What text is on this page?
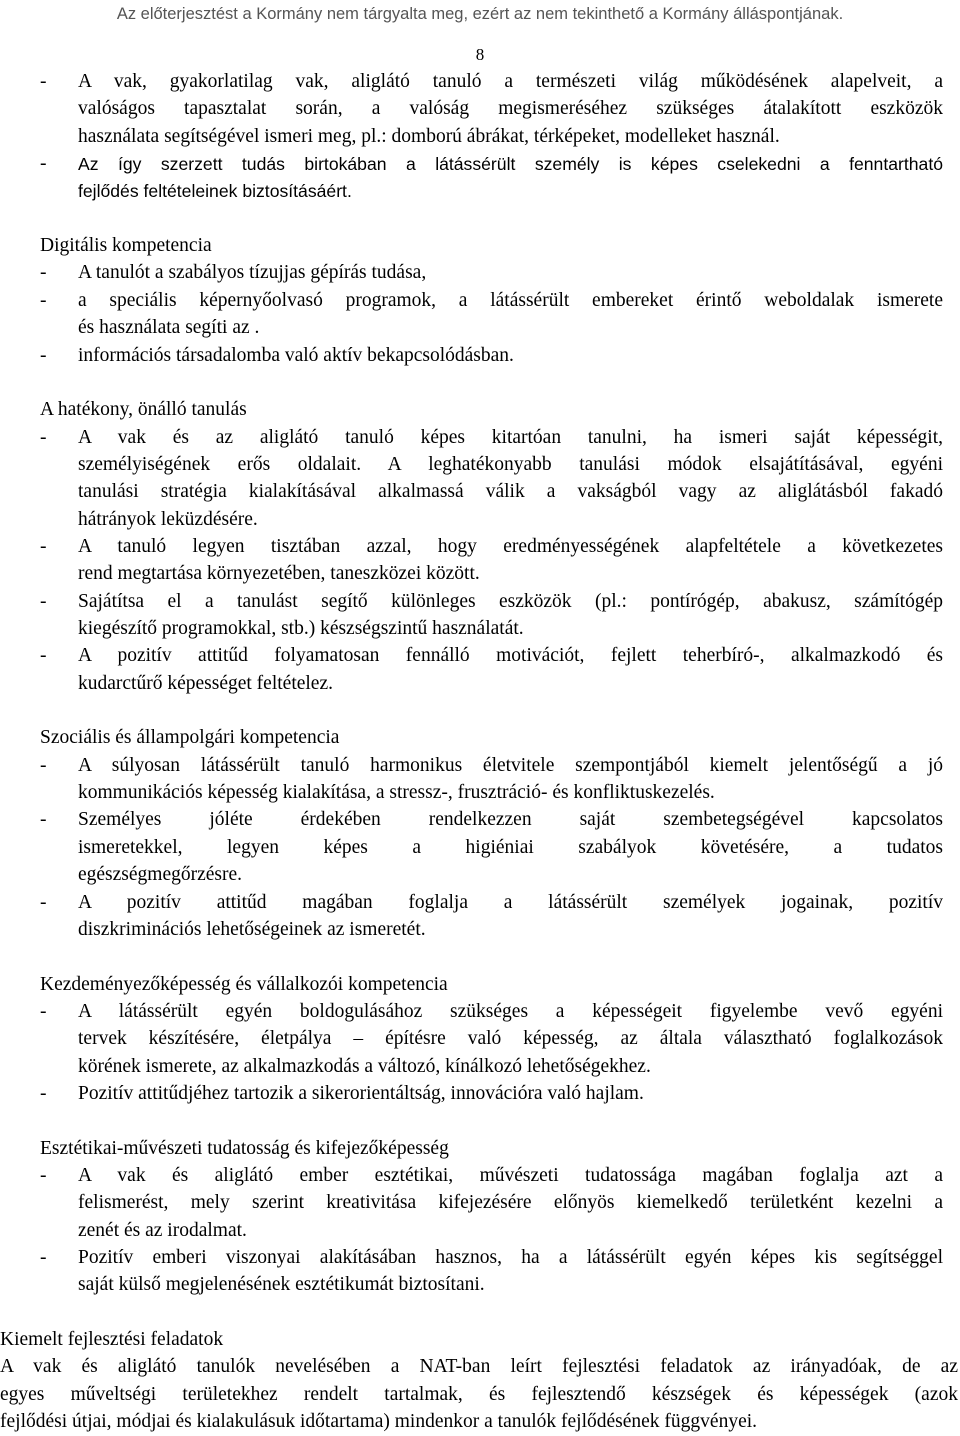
Az előterjesztést a Kormány nem tárgyalta meg, ezért az nem tekinthető a Kormány álláspontjának.
8
- A vak, gyakorlatilag vak, aliglátó tanuló a természeti világ működésének alapelveit, a
valóságos tapasztalat során, a valóság megismeréséhez szükséges átalakított eszközök
használata segítségével ismeri meg, pl.: domború ábrákat, térképeket, modelleket használ.
- Az így szerzett tudás birtokában a látássérült személy is képes cselekedni a fenntartható
fejlődés feltételeinek biztosításáért.
Digitális kompetencia
- A tanulót a szabályos tízujjas gépírás tudása,
- a speciális képernyőolvasó programok, a látássérült embereket érintő weboldalak ismerete
és használata segíti az .
- információs társadalomba való aktív bekapcsolódásban.
A hatékony, önálló tanulás
- A vak és az aliglátó tanuló képes kitartóan tanulni, ha ismeri saját képességit,
személyiségének erős oldalait. A leghatékonyabb tanulási módok elsajátításával, egyéni
tanulási stratégia kialakításával alkalmassá válik a vakságból vagy az aliglátásból fakadó
hátrányok leküzdésére.
- A tanuló legyen tisztában azzal, hogy eredményességének alapfeltétele a következetes
rend megtartása környezetében, taneszközei között.
- Sajátítsa el a tanulást segítő különleges eszközök (pl.: pontírógép, abakusz, számítógép
kiegészítő programokkal, stb.) készségszintű használatát.
- A pozitív attitűd folyamatosan fennálló motivációt, fejlett teherbíró-, alkalmazkodó és
kudarctűrő képességet feltételez.
Szociális és állampolgári kompetencia
- A súlyosan látássérült tanuló harmonikus életvitele szempontjából kiemelt jelentőségű a jó
kommunikációs képesség kialakítása, a stressz-, frusztráció- és konfliktuskezelés.
- Személyes jóléte érdekében rendelkezzen saját szembetegségével kapcsolatos
ismeretekkel, legyen képes a higiéniai szabályok követésére, a tudatos
egészségmegőrzésre.
- A pozitív attitűd magában foglalja a látássérült személyek jogainak, pozitív
diszkriminációs lehetőségeinek az ismeretét.
Kezdeményezőképesség és vállalkozói kompetencia
- A látássérült egyén boldogulásához szükséges a képességeit figyelembe vevő egyéni
tervek készítésére, életpálya – építésre való képesség, az általa választható foglalkozások
körének ismerete, az alkalmazkodás a változó, kínálkozó lehetőségekhez.
- Pozitív attitűdjéhez tartozik a sikerorientáltság, innovációra való hajlam.
Esztétikai-művészeti tudatosság és kifejezőképesség
- A vak és aliglátó ember esztétikai, művészeti tudatossága magában foglalja azt a
felismerést, mely szerint kreativitása kifejezésére előnyös kiemelkedő területként kezelni a
zenét és az irodalmat.
- Pozitív emberi viszonyai alakításában hasznos, ha a látássérült egyén képes kis segítséggel
saját külső megjelenésének esztétikumát biztosítani.
Kiemelt fejlesztési feladatok
A vak és aliglátó tanulók nevelésében a NAT-ban leírt fejlesztési feladatok az irányadóak, de az
egyes műveltségi területekhez rendelt tartalmak, és fejlesztendő készségek és képességek (azok
fejlődési útjai, módjai és kialakulásuk időtartama) mindenkor a tanulók fejlődésének függvényei.
